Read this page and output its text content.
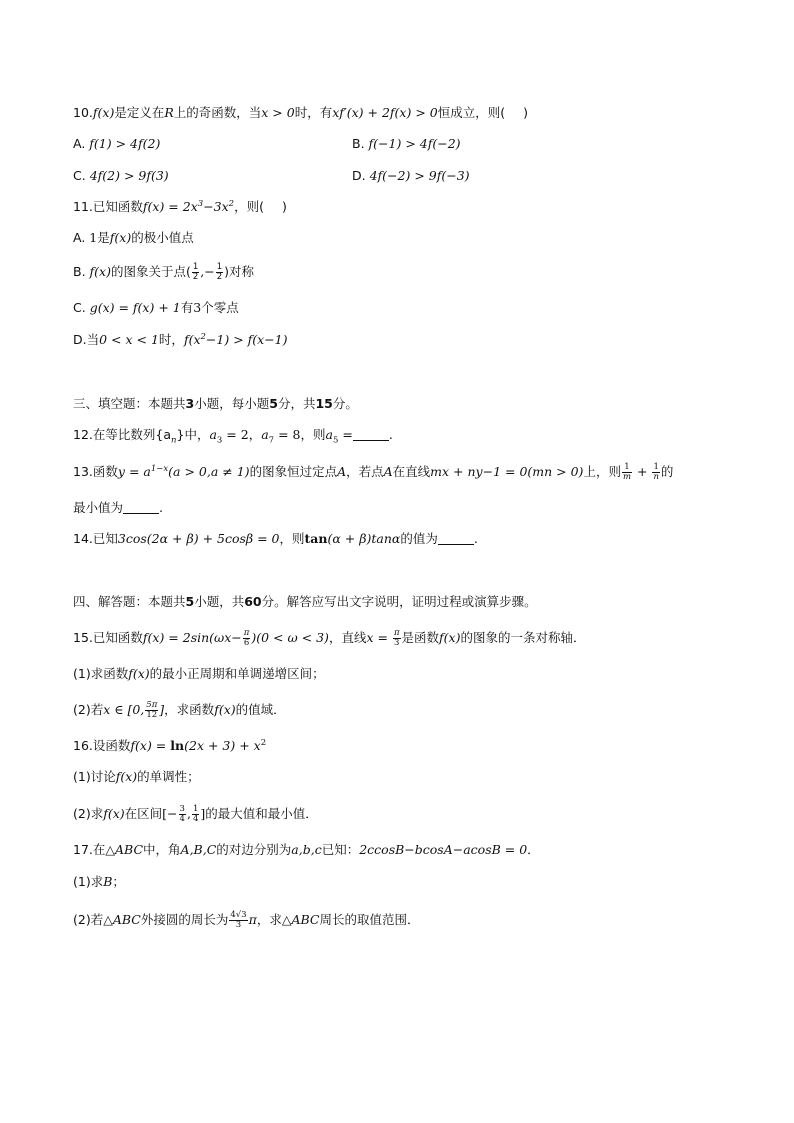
10.f(x)是定义在R上的奇函数，当x > 0时，有xf′(x) + 2f(x) > 0恒成立，则( )
A. f(1) > 4f(2)	B. f(−1) > 4f(−2)
C. 4f(2) > 9f(3)	D. 4f(−2) > 9f(−3)
11.已知函数$f(x) = 2x^3-3x^2$，则( )
A. 1是f(x)的极小值点
B. f(x)的图象关于点( $\frac{1}{2}$ ,− $\frac{1}{2}$ )对称
C. g(x) = f(x) + 1有3个零点
D.当0 < x < 1时，$f(x^2-1) > f(x-1)$
三、填空题：本题共3小题，每小题5分，共15分。
12.在等比数列$\{a_n\}$中，$a_3 = 2$，$a_7 = 8$，则$a_5$ =	.
13.函数$y = a^{1-x}(a > 0,a \ne 1)$的图象恒过定点A，若点A在直线mx + ny−1 = 0(mn > 0)上，则 $\frac{1}{m} + \frac{1}{n}$ 的
最小值为	.
14.已知3cos(2α + β) + 5cosβ = 0，则tan(α + β)tanα的值为	.
四、解答题：本题共5小题，共60分。解答应写出文字说明，证明过程或演算步骤。
15.已知函数$f(x) = 2\sin(\omega x- \frac{\pi}{6} )(0 < \omega < 3)$，直线$x = \frac{\pi}{3}$ 是函数f(x)的图象的一条对称轴．
(1)求函数f(x)的最小正周期和单调递增区间；
(2)若x ∈ [0, $\frac{5\pi}{12}$ ]，求函数f(x)的值域．
16.设函数$f(x) = \ln(2x + 3) + x^2$
(1)讨论f(x)的单调性；
(2)求f(x)在区间[− $\frac{3}{4}$ , $\frac{1}{4}$ ]的最大值和最小值．
17.在△ABC中，角A,B,C的对边分别为a,b,c已知：2ccosB−bcosA−acosB = 0．
(1)求B；
(2)若△ABC外接圆的周长为 $\frac{4√3}{3}$ π，求△ABC周长的取值范围．
